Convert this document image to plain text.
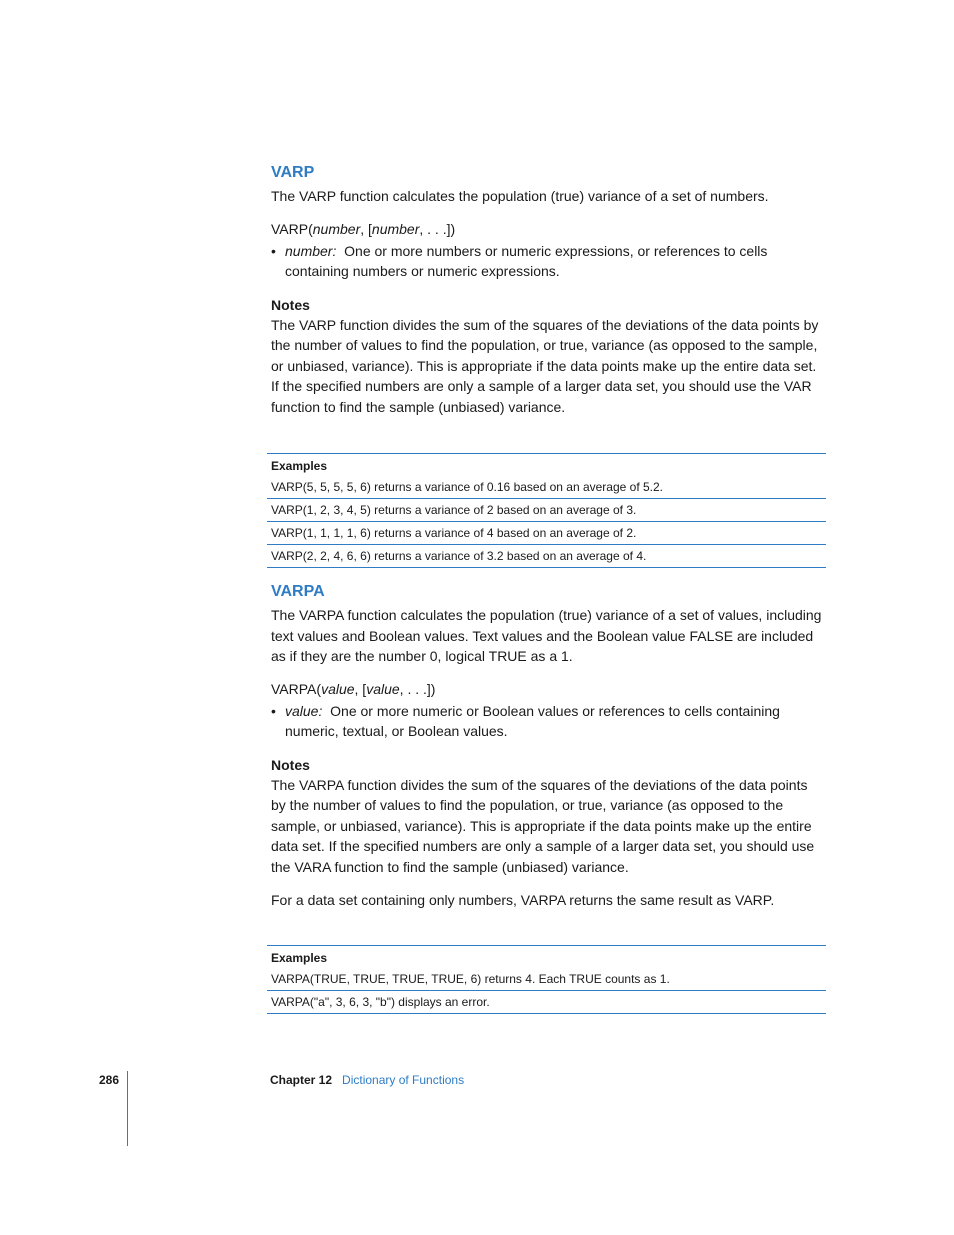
VARP

The VARP function calculates the population (true) variance of a set of numbers.

VARP(number, [number, . . .])

• number: One or more numbers or numeric expressions, or references to cells containing numbers or numeric expressions.
Notes

The VARP function divides the sum of the squares of the deviations of the data points by the number of values to find the population, or true, variance (as opposed to the sample, or unbiased, variance). This is appropriate if the data points make up the entire data set. If the specified numbers are only a sample of a larger data set, you should use the VAR function to find the sample (unbiased) variance.

Examples
VARP(5, 5, 5, 5, 6) returns a variance of 0.16 based on an average of 5.2.
VARP(1, 2, 3, 4, 5) returns a variance of 2 based on an average of 3.
VARP(1, 1, 1, 1, 6) returns a variance of 4 based on an average of 2.
VARP(2, 2, 4, 6, 6) returns a variance of 3.2 based on an average of 4.
VARPA

The VARPA function calculates the population (true) variance of a set of values, including text values and Boolean values. Text values and the Boolean value FALSE are included as if they are the number 0, logical TRUE as a 1.

VARPA(value, [value, . . .])

• value: One or more numeric or Boolean values or references to cells containing numeric, textual, or Boolean values.
Notes

The VARPA function divides the sum of the squares of the deviations of the data points by the number of values to find the population, or true, variance (as opposed to the sample, or unbiased, variance). This is appropriate if the data points make up the entire data set. If the specified numbers are only a sample of a larger data set, you should use the VARA function to find the sample (unbiased) variance.

For a data set containing only numbers, VARPA returns the same result as VARP.

Examples
VARPA(TRUE, TRUE, TRUE, TRUE, 6) returns 4. Each TRUE counts as 1.
VARPA("a", 3, 6, 3, "b") displays an error.
286	Chapter 12 Dictionary of Functions
